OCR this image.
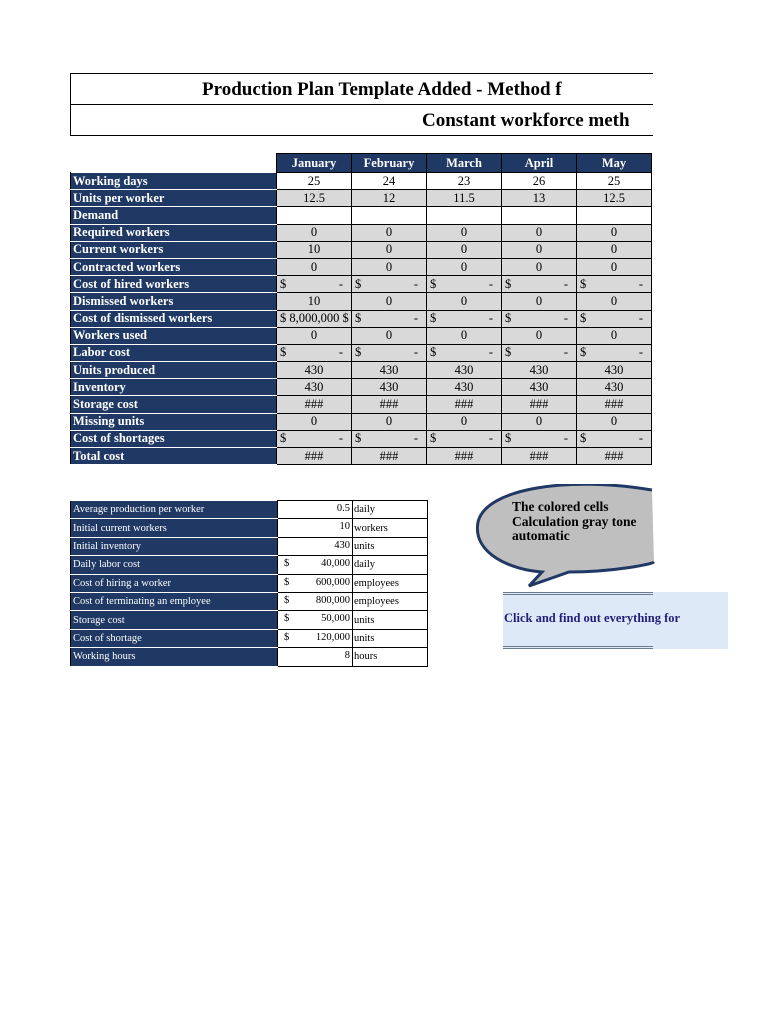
Production Plan Template Added - Method f
Constant workforce meth
	January	February	March	April	May
Working days	25	24	23	26	25
Units per worker	12.5	12	11.5	13	12.5
Demand					
Required workers	0	0	0	0	0
Current workers	10	0	0	0	0
Contracted workers	0	0	0	0	0
Cost of hired workers	$ -	$ -	$ -	$ -	$ -

Dismissed workers	10	0	0	0	0
Cost of dismissed workers	$ 8,000,000 $	$ -	$ -	$ -	$ -

Workers used	0	0	0	0	0
Labor cost	$ -	$ -	$ -	$ -	$ -

Units produced	430	430	430	430	430
Inventory	430	430	430	430	430
Storage cost	###	###	###	###	###
Missing units	0	0	0	0	0
Cost of shortages	$ -	$ -	$ -	$ -	$ -

Total cost	###	###	###	###	###
Average production per worker	0.5	daily
Initial current workers	10	workers
Initial inventory	430	units
Daily labor cost	$ 40,000	daily
Cost of hiring a worker	$ 600,000	employees
Cost of terminating an employee	$ 800,000	employees
Storage cost	$ 50,000	units
Cost of shortage	$ 120,000	units
Working hours	8	hours
The colored cells Calculation gray tone automatic
Click and find out everything for
